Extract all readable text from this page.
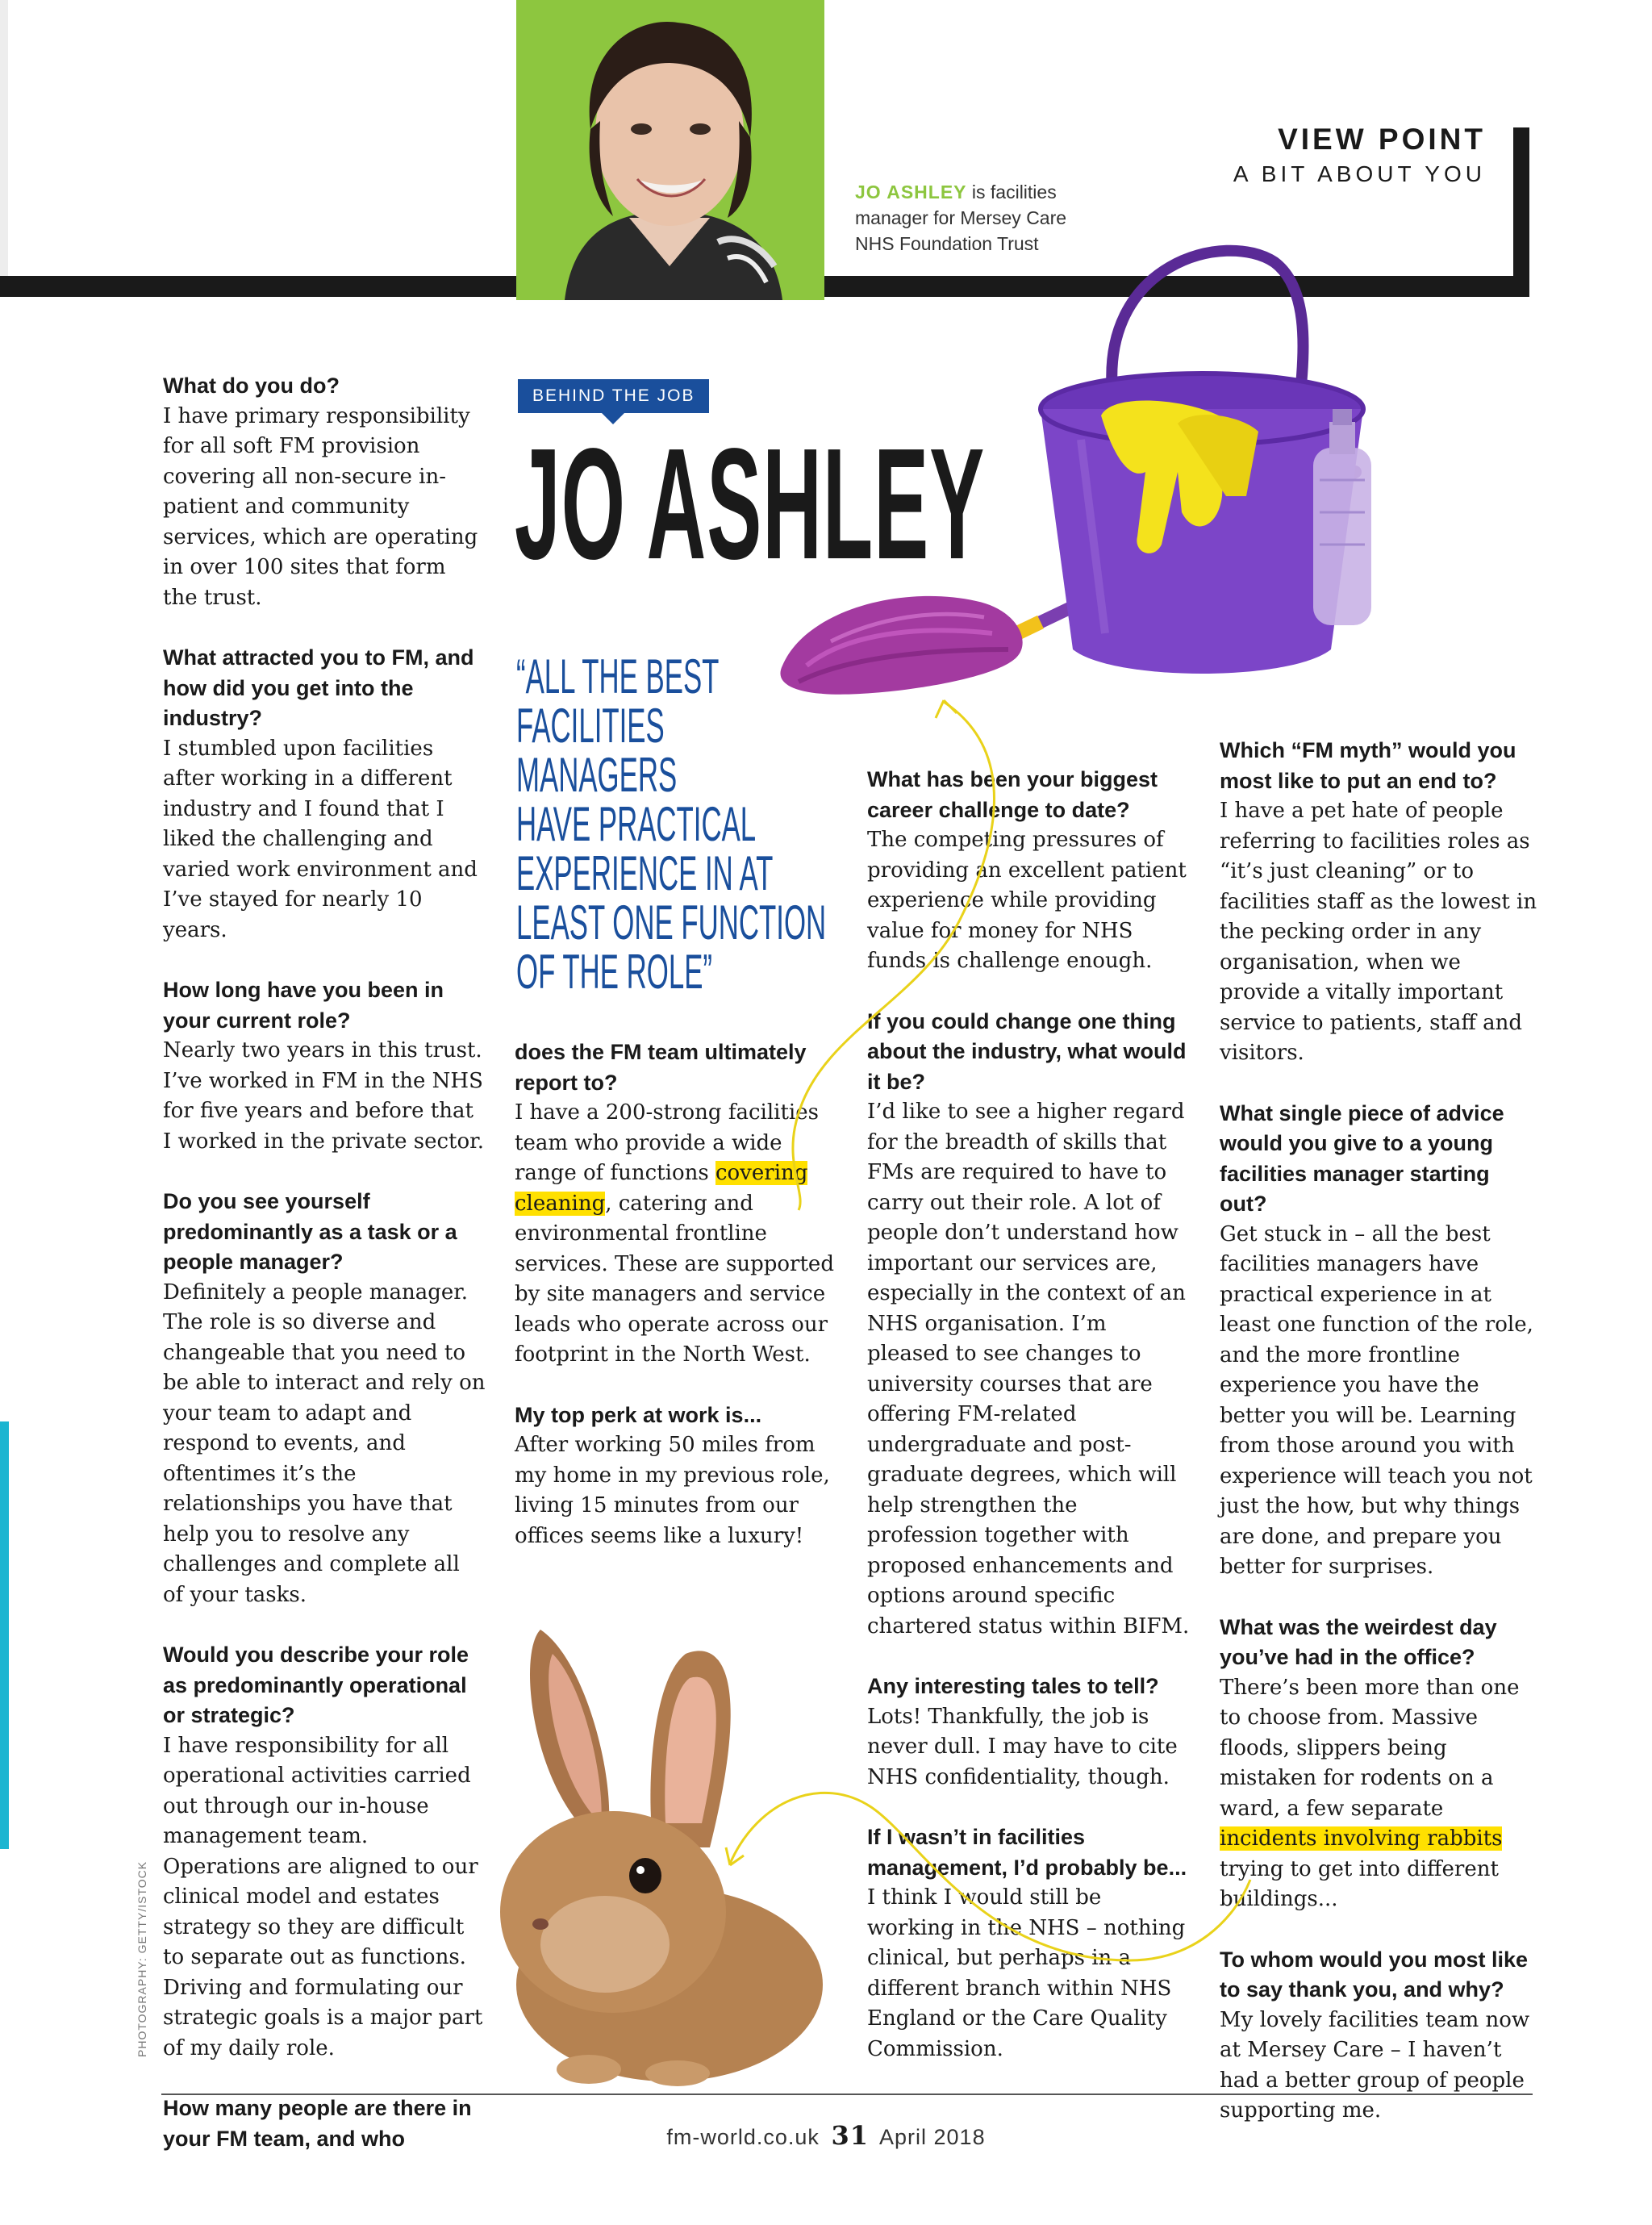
VIEW POINT
A BIT ABOUT YOU
JO ASHLEY is facilities
manager for Mersey Care
NHS Foundation Trust
BEHIND THE JOB
JO ASHLEY
“ALL THE BEST
FACILITIES
MANAGERS
HAVE PRACTICAL
EXPERIENCE IN AT
LEAST ONE FUNCTION
OF THE ROLE”
What do you do?
I have primary responsibility for all soft FM provision covering all non-secure in-patient and community services, which are operating in over 100 sites that form the trust.
What attracted you to FM, and how did you get into the industry?
I stumbled upon facilities after working in a different industry and I found that I liked the challenging and varied work environment and I’ve stayed for nearly 10 years.
How long have you been in your current role?
Nearly two years in this trust. I’ve worked in FM in the NHS for five years and before that I worked in the private sector.
Do you see yourself predominantly as a task or a people manager?
Definitely a people manager. The role is so diverse and changeable that you need to be able to interact and rely on your team to adapt and respond to events, and oftentimes it’s the relationships you have that help you to resolve any challenges and complete all of your tasks.
Would you describe your role as predominantly operational or strategic?
I have responsibility for all operational activities carried out through our in-house management team. Operations are aligned to our clinical model and estates strategy so they are difficult to separate out as functions. Driving and formulating our strategic goals is a major part of my daily role.
How many people are there in your FM team, and who
does the FM team ultimately report to?
I have a 200-strong facilities team who provide a wide range of functions covering cleaning, catering and environmental frontline services. These are supported by site managers and service leads who operate across our footprint in the North West.
My top perk at work is...
After working 50 miles from my home in my previous role, living 15 minutes from our offices seems like a luxury!
What has been your biggest career challenge to date?
The competing pressures of providing an excellent patient experience while providing value for money for NHS funds is challenge enough.
If you could change one thing about the industry, what would it be?
I’d like to see a higher regard for the breadth of skills that FMs are required to have to carry out their role. A lot of people don’t understand how important our services are, especially in the context of an NHS organisation. I’m pleased to see changes to university courses that are offering FM-related undergraduate and post-graduate degrees, which will help strengthen the profession together with proposed enhancements and options around specific chartered status within BIFM.
Any interesting tales to tell?
Lots! Thankfully, the job is never dull. I may have to cite NHS confidentiality, though.
If I wasn’t in facilities management, I’d probably be...
I think I would still be working in the NHS – nothing clinical, but perhaps in a different branch within NHS England or the Care Quality Commission.
Which “FM myth” would you most like to put an end to?
I have a pet hate of people referring to facilities roles as “it’s just cleaning” or to facilities staff as the lowest in the pecking order in any organisation, when we provide a vitally important service to patients, staff and visitors.
What single piece of advice would you give to a young facilities manager starting out?
Get stuck in – all the best facilities managers have practical experience in at least one function of the role, and the more frontline experience you have the better you will be. Learning from those around you with experience will teach you not just the how, but why things are done, and prepare you better for surprises.
What was the weirdest day you’ve had in the office?
There’s been more than one to choose from. Massive floods, slippers being mistaken for rodents on a ward, a few separate incidents involving rabbits trying to get into different buildings...
To whom would you most like to say thank you, and why?
My lovely facilities team now at Mersey Care – I haven’t had a better group of people supporting me.
PHOTOGRAPHY: GETTY/ISTOCK
fm-world.co.uk 31 April 2018
